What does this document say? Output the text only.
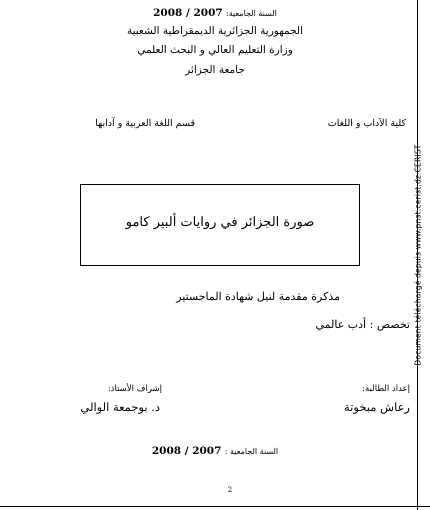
السنة الجامعية: 2008 / 2007
الجمهورية الجزائرية الديمقراطية الشعبية
وزارة التعليم العالي و البحث العلمي
جامعة الجزائر
كلية الآداب و اللغات
قسم اللغة العربية و آدابها
صورة الجزائر في روايات ألبير كامو
مذكرة مقدمة لنيل شهادة الماجستير
تخصص : أدب عالمي
إعداد الطالبة:
إشراف الأستاذ:
رعاش مبخوتة
د. بوجمعة الوالي
السنة الجامعية : 2008 / 2007
2
Document téléchargé depuis www.pnst.cerist.dz CERIST
